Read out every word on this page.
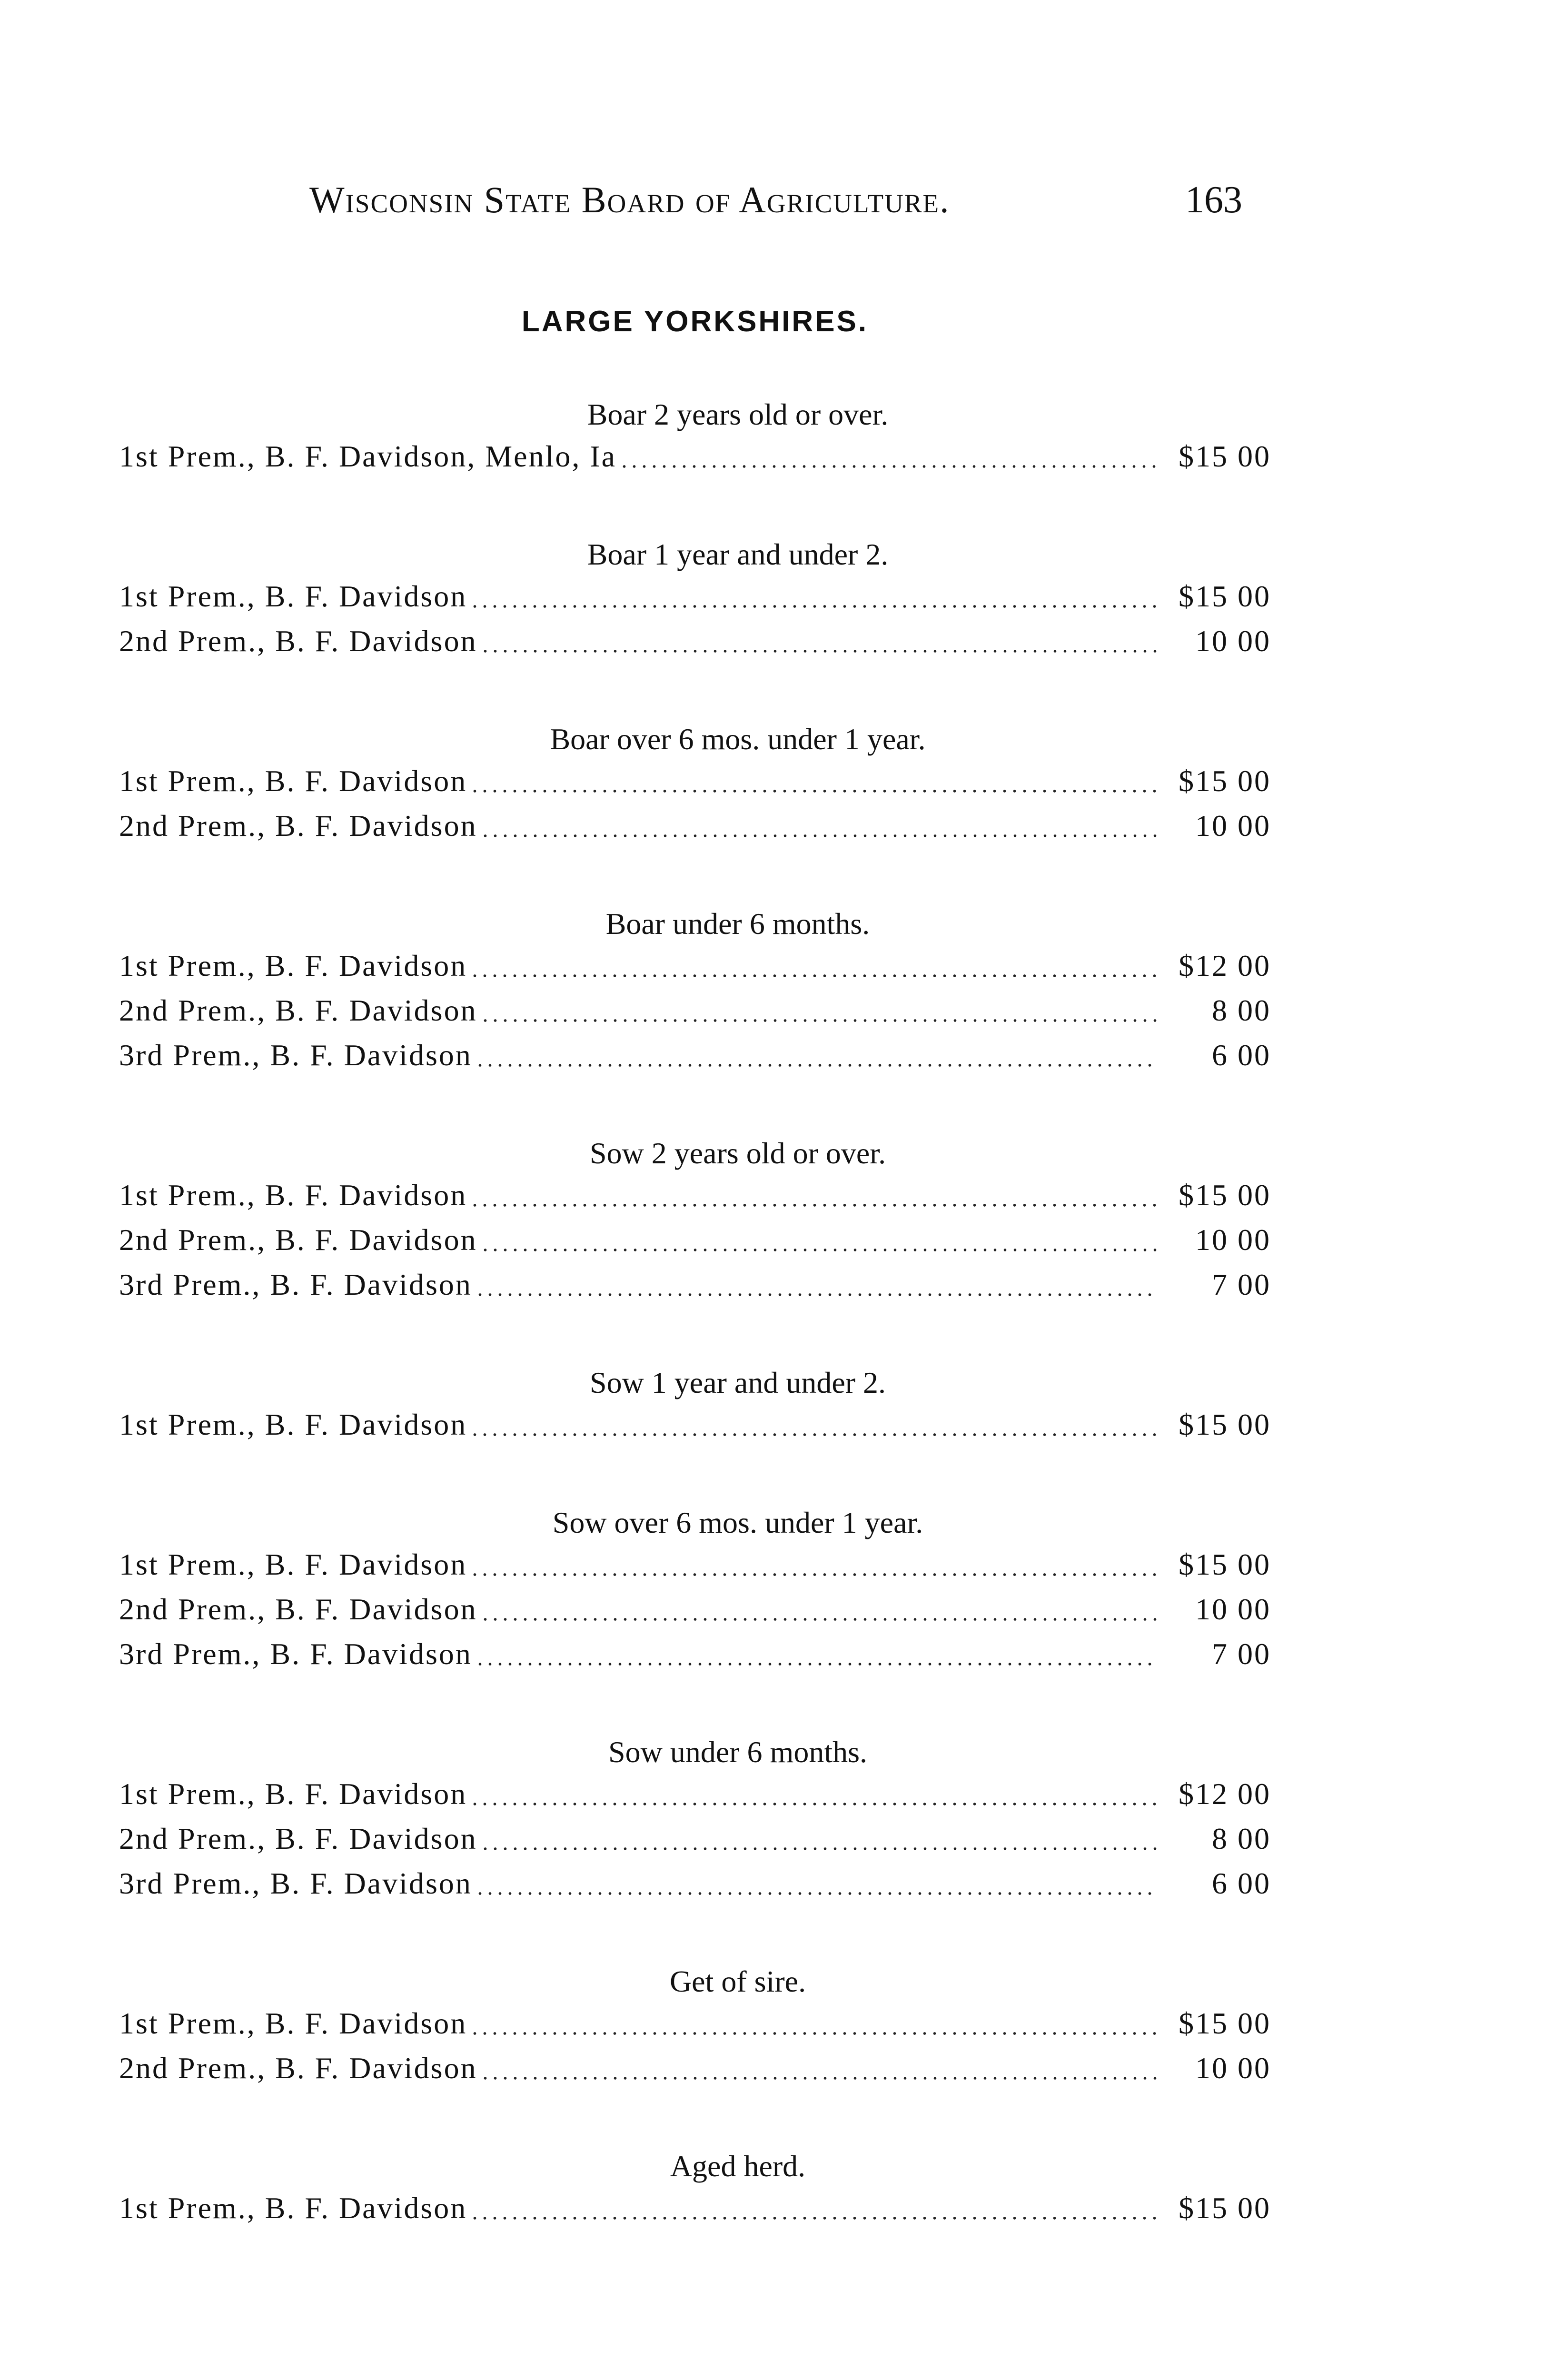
Wisconsin State Board of Agriculture.	163
LARGE YORKSHIRES.
Boar 2 years old or over.
1st Prem., B. F. Davidson, Menlo, Ia	$15 00
Boar 1 year and under 2.
1st Prem., B. F. Davidson	$15 00
2nd Prem., B. F. Davidson	10 00
Boar over 6 mos. under 1 year.
1st Prem., B. F. Davidson	$15 00
2nd Prem., B. F. Davidson	10 00
Boar under 6 months.
1st Prem., B. F. Davidson	$12 00
2nd Prem., B. F. Davidson	8 00
3rd Prem., B. F. Davidson	6 00
Sow 2 years old or over.
1st Prem., B. F. Davidson	$15 00
2nd Prem., B. F. Davidson	10 00
3rd Prem., B. F. Davidson	7 00
Sow 1 year and under 2.
1st Prem., B. F. Davidson	$15 00
Sow over 6 mos. under 1 year.
1st Prem., B. F. Davidson	$15 00
2nd Prem., B. F. Davidson	10 00
3rd Prem., B. F. Davidson	7 00
Sow under 6 months.
1st Prem., B. F. Davidson	$12 00
2nd Prem., B. F. Davidson	8 00
3rd Prem., B. F. Davidson	6 00
Get of sire.
1st Prem., B. F. Davidson	$15 00
2nd Prem., B. F. Davidson	10 00
Aged herd.
1st Prem., B. F. Davidson	$15 00
